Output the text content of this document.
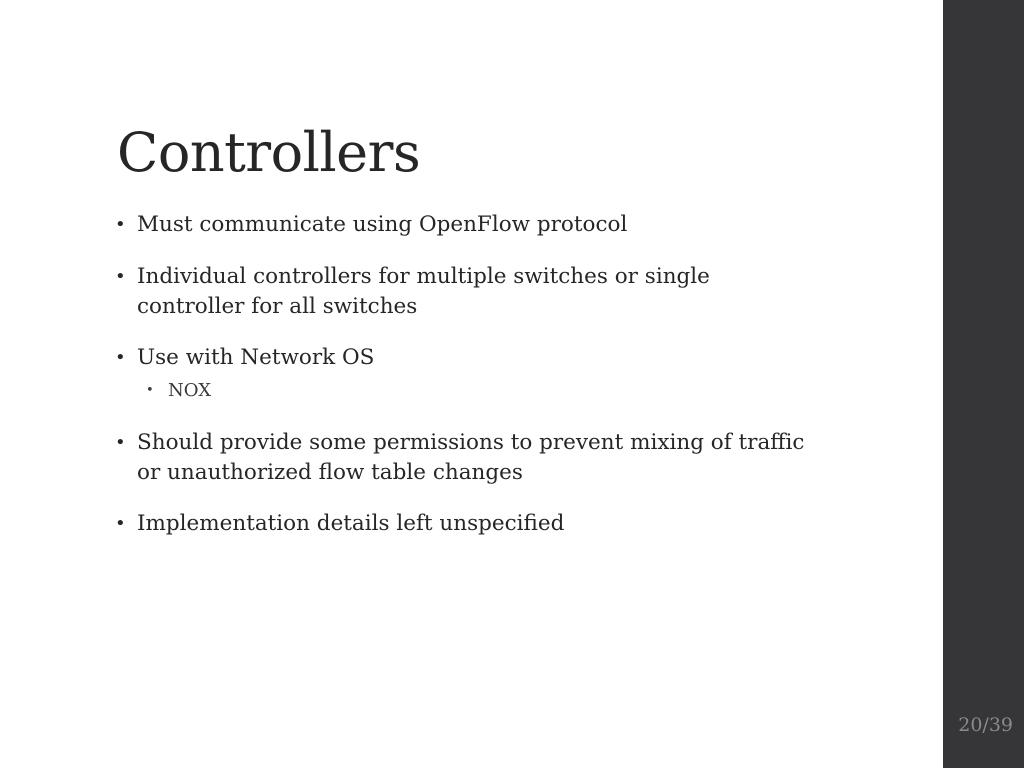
Controllers
• Must communicate using OpenFlow protocol
• Individual controllers for multiple switches or single controller for all switches
• Use with Network OS
• NOX
• Should provide some permissions to prevent mixing of traffic or unauthorized flow table changes
• Implementation details left unspecified
20/39
